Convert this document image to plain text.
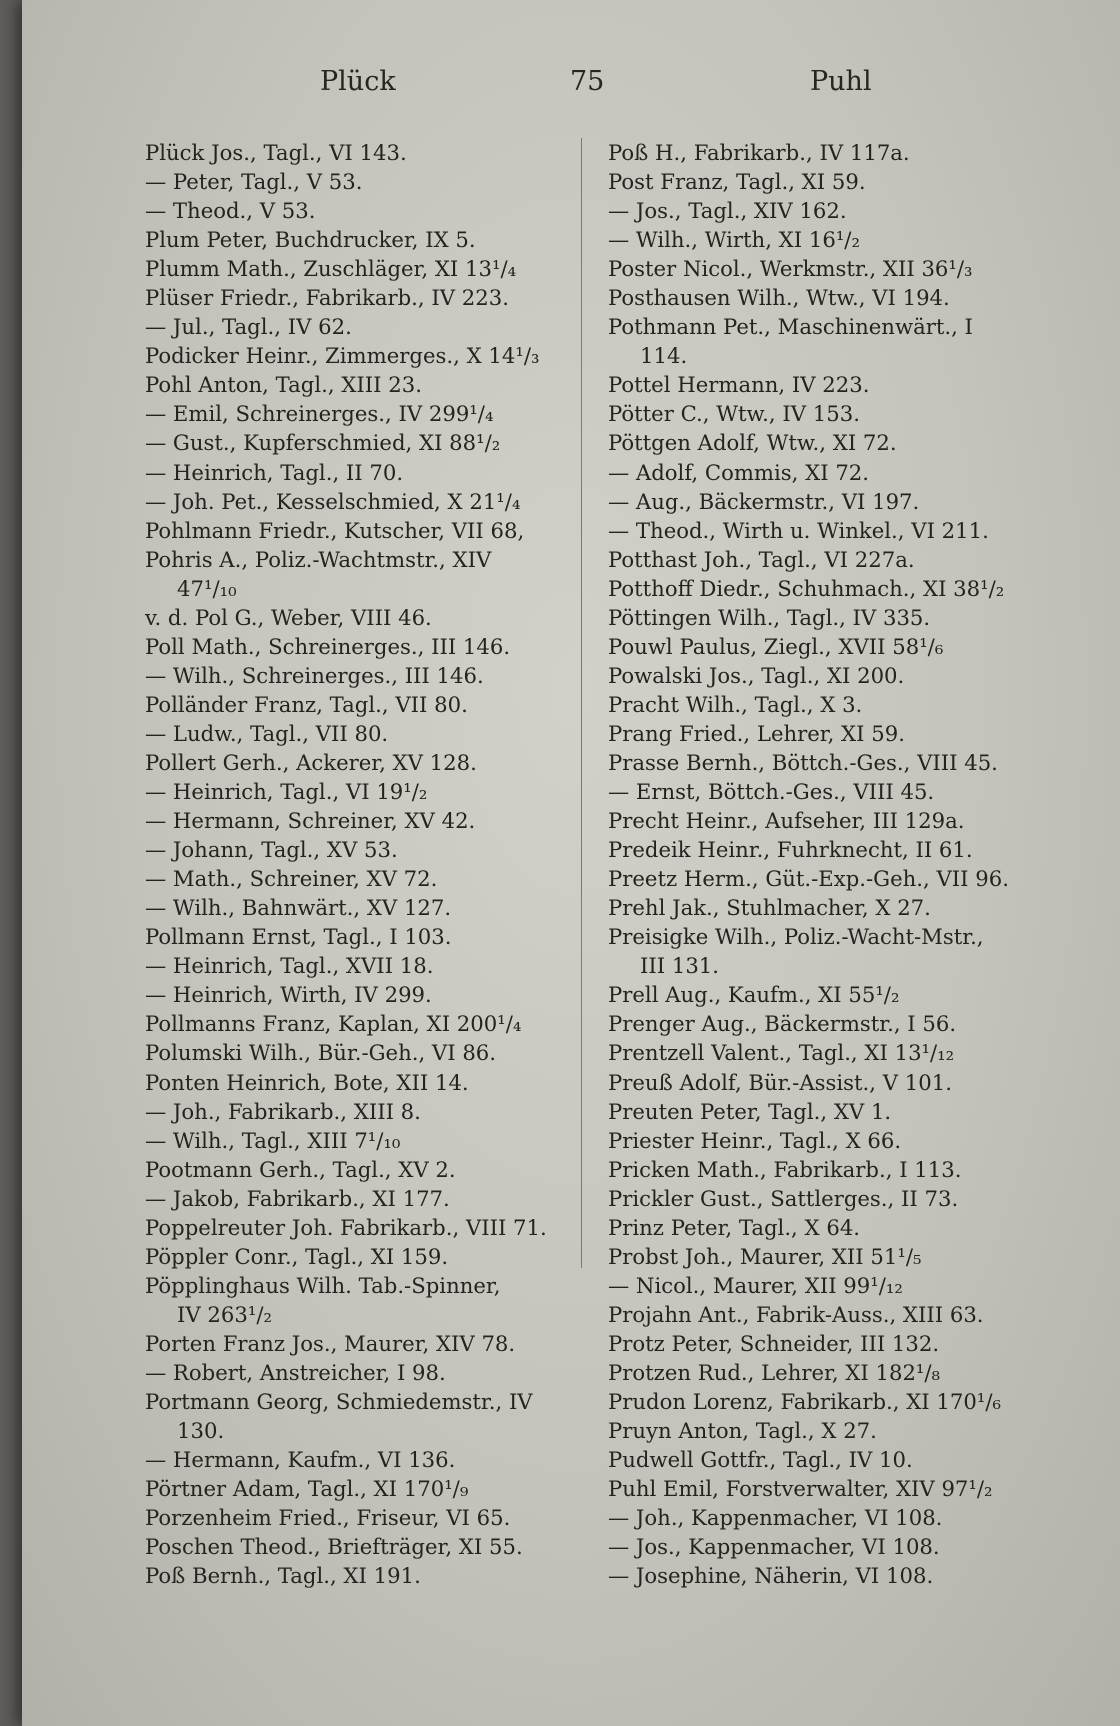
Plück	75	Puhl
Plück Jos., Tagl., VI 143.
— Peter, Tagl., V 53.
— Theod., V 53.
Plum Peter, Buchdrucker, IX 5.
Plumm Math., Zuschläger, XI 13¹/₄
Plüser Friedr., Fabrikarb., IV 223.
— Jul., Tagl., IV 62.
Podicker Heinr., Zimmerges., X 14¹/₃
Pohl Anton, Tagl., XIII 23.
— Emil, Schreinerges., IV 299¹/₄
— Gust., Kupferschmied, XI 88¹/₂
— Heinrich, Tagl., II 70.
— Joh. Pet., Kesselschmied, X 21¹/₄
Pohlmann Friedr., Kutscher, VII 68,
Pohris A., Poliz.-Wachtmstr., XIV
47¹/₁₀
v. d. Pol G., Weber, VIII 46.
Poll Math., Schreinerges., III 146.
— Wilh., Schreinerges., III 146.
Polländer Franz, Tagl., VII 80.
— Ludw., Tagl., VII 80.
Pollert Gerh., Ackerer, XV 128.
— Heinrich, Tagl., VI 19¹/₂
— Hermann, Schreiner, XV 42.
— Johann, Tagl., XV 53.
— Math., Schreiner, XV 72.
— Wilh., Bahnwärt., XV 127.
Pollmann Ernst, Tagl., I 103.
— Heinrich, Tagl., XVII 18.
— Heinrich, Wirth, IV 299.
Pollmanns Franz, Kaplan, XI 200¹/₄
Polumski Wilh., Bür.-Geh., VI 86.
Ponten Heinrich, Bote, XII 14.
— Joh., Fabrikarb., XIII 8.
— Wilh., Tagl., XIII 7¹/₁₀
Pootmann Gerh., Tagl., XV 2.
— Jakob, Fabrikarb., XI 177.
Poppelreuter Joh. Fabrikarb., VIII 71.
Pöppler Conr., Tagl., XI 159.
Pöpplinghaus Wilh. Tab.-Spinner,
IV 263¹/₂
Porten Franz Jos., Maurer, XIV 78.
— Robert, Anstreicher, I 98.
Portmann Georg, Schmiedemstr., IV
130.
— Hermann, Kaufm., VI 136.
Pörtner Adam, Tagl., XI 170¹/₉
Porzenheim Fried., Friseur, VI 65.
Poschen Theod., Briefträger, XI 55.
Poß Bernh., Tagl., XI 191.
Poß H., Fabrikarb., IV 117a.
Post Franz, Tagl., XI 59.
— Jos., Tagl., XIV 162.
— Wilh., Wirth, XI 16¹/₂
Poster Nicol., Werkmstr., XII 36¹/₃
Posthausen Wilh., Wtw., VI 194.
Pothmann Pet., Maschinenwärt., I
114.
Pottel Hermann, IV 223.
Pötter C., Wtw., IV 153.
Pöttgen Adolf, Wtw., XI 72.
— Adolf, Commis, XI 72.
— Aug., Bäckermstr., VI 197.
— Theod., Wirth u. Winkel., VI 211.
Potthast Joh., Tagl., VI 227a.
Potthoff Diedr., Schuhmach., XI 38¹/₂
Pöttingen Wilh., Tagl., IV 335.
Pouwl Paulus, Ziegl., XVII 58¹/₆
Powalski Jos., Tagl., XI 200.
Pracht Wilh., Tagl., X 3.
Prang Fried., Lehrer, XI 59.
Prasse Bernh., Böttch.-Ges., VIII 45.
— Ernst, Böttch.-Ges., VIII 45.
Precht Heinr., Aufseher, III 129a.
Predeik Heinr., Fuhrknecht, II 61.
Preetz Herm., Güt.-Exp.-Geh., VII 96.
Prehl Jak., Stuhlmacher, X 27.
Preisigke Wilh., Poliz.-Wacht-Mstr.,
III 131.
Prell Aug., Kaufm., XI 55¹/₂
Prenger Aug., Bäckermstr., I 56.
Prentzell Valent., Tagl., XI 13¹/₁₂
Preuß Adolf, Bür.-Assist., V 101.
Preuten Peter, Tagl., XV 1.
Priester Heinr., Tagl., X 66.
Pricken Math., Fabrikarb., I 113.
Prickler Gust., Sattlerges., II 73.
Prinz Peter, Tagl., X 64.
Probst Joh., Maurer, XII 51¹/₅
— Nicol., Maurer, XII 99¹/₁₂
Projahn Ant., Fabrik-Auss., XIII 63.
Protz Peter, Schneider, III 132.
Protzen Rud., Lehrer, XI 182¹/₈
Prudon Lorenz, Fabrikarb., XI 170¹/₆
Pruyn Anton, Tagl., X 27.
Pudwell Gottfr., Tagl., IV 10.
Puhl Emil, Forstverwalter, XIV 97¹/₂
— Joh., Kappenmacher, VI 108.
— Jos., Kappenmacher, VI 108.
— Josephine, Näherin, VI 108.
